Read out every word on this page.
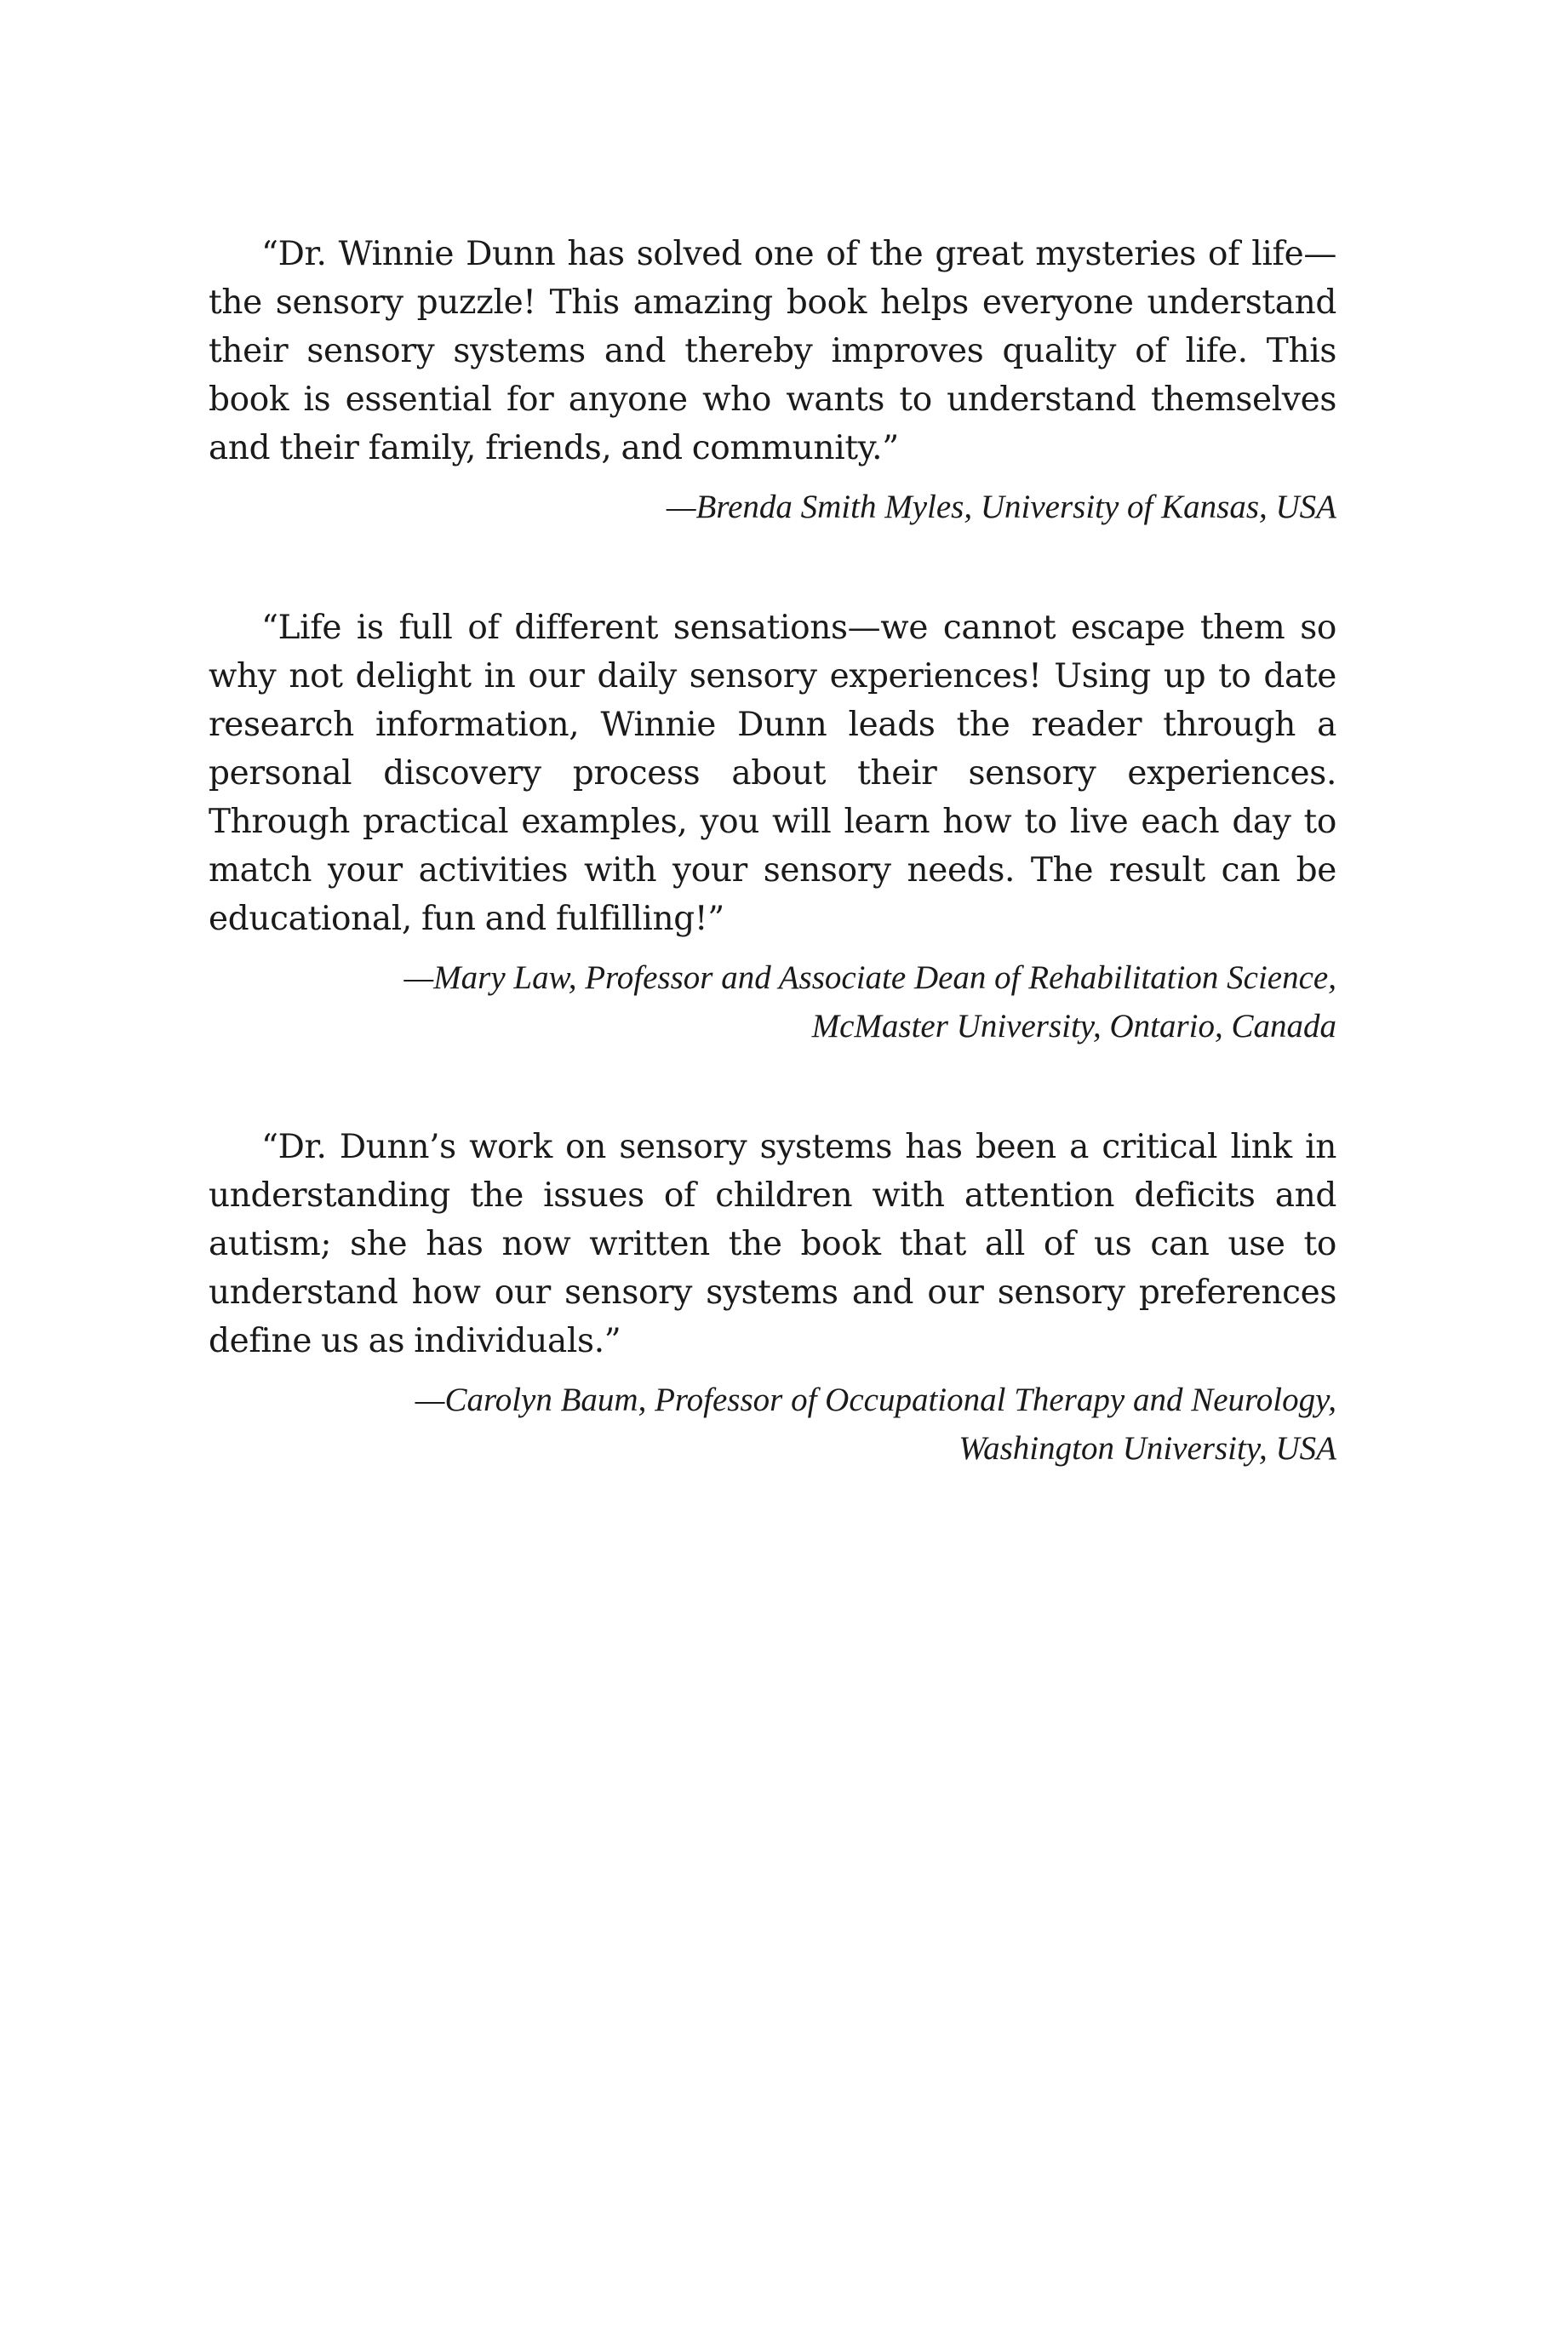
“Dr. Winnie Dunn has solved one of the great mysteries of life—the sensory puzzle! This amazing book helps everyone understand their sensory systems and thereby improves quality of life. This book is essential for anyone who wants to understand themselves and their family, friends, and community.”

—Brenda Smith Myles, University of Kansas, USA

“Life is full of different sensations—we cannot escape them so why not delight in our daily sensory experiences! Using up to date research information, Winnie Dunn leads the reader through a personal discovery process about their sensory experiences. Through practical examples, you will learn how to live each day to match your activities with your sensory needs. The result can be educational, fun and fulfilling!”

—Mary Law, Professor and Associate Dean of Rehabilitation Science,
McMaster University, Ontario, Canada

“Dr. Dunn’s work on sensory systems has been a critical link in understanding the issues of children with attention deficits and autism; she has now written the book that all of us can use to understand how our sensory systems and our sensory preferences define us as individuals.”

—Carolyn Baum, Professor of Occupational Therapy and Neurology,
Washington University, USA
